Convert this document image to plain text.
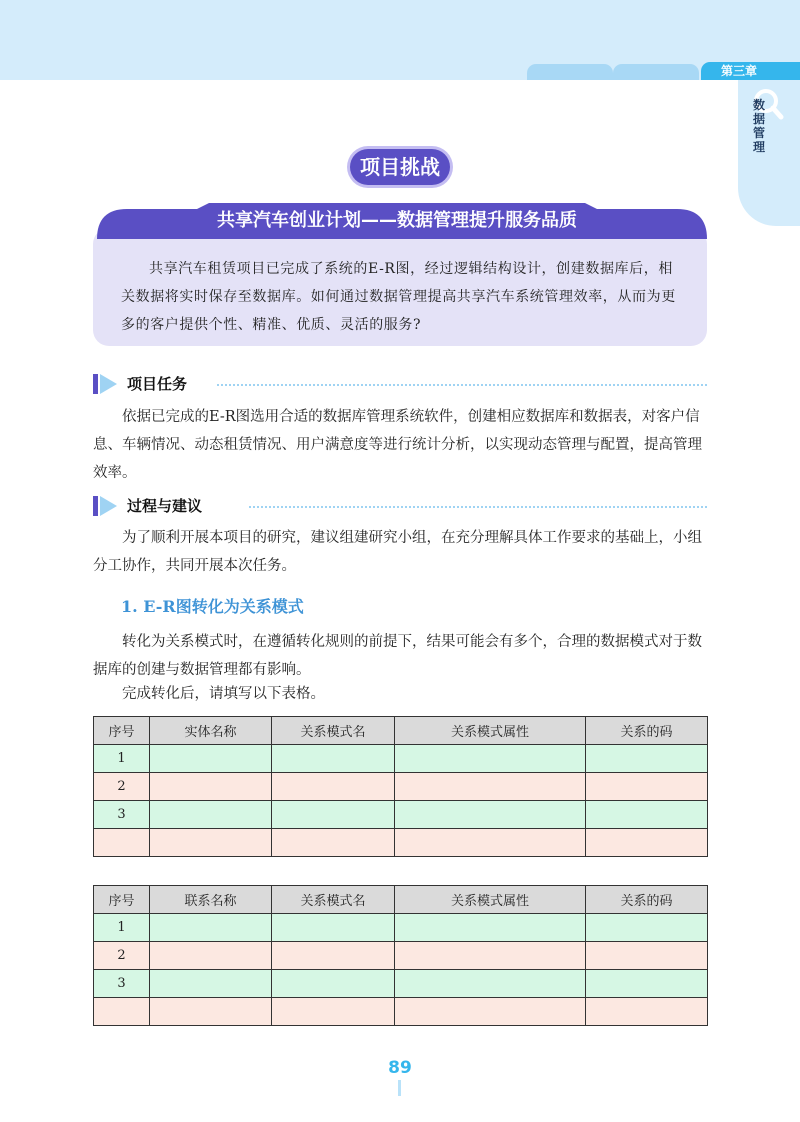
第三章
数据管理
项目挑战
共享汽车创业计划——数据管理提升服务品质
共享汽车租赁项目已完成了系统的E-R图，经过逻辑结构设计，创建数据库后，相关数据将实时保存至数据库。如何通过数据管理提高共享汽车系统管理效率，从而为更多的客户提供个性、精准、优质、灵活的服务?
项目任务
依据已完成的E-R图选用合适的数据库管理系统软件，创建相应数据库和数据表，对客户信息、车辆情况、动态租赁情况、用户满意度等进行统计分析，以实现动态管理与配置，提高管理效率。
过程与建议
为了顺利开展本项目的研究，建议组建研究小组，在充分理解具体工作要求的基础上，小组分工协作，共同开展本次任务。
1. E-R图转化为关系模式
转化为关系模式时，在遵循转化规则的前提下，结果可能会有多个，合理的数据模式对于数据库的创建与数据管理都有影响。
完成转化后，请填写以下表格。
序号	实体名称	关系模式名	关系模式属性	关系的码
1				
2				
3				

序号	联系名称	关系模式名	关系模式属性	关系的码
1				
2				
3				

89
